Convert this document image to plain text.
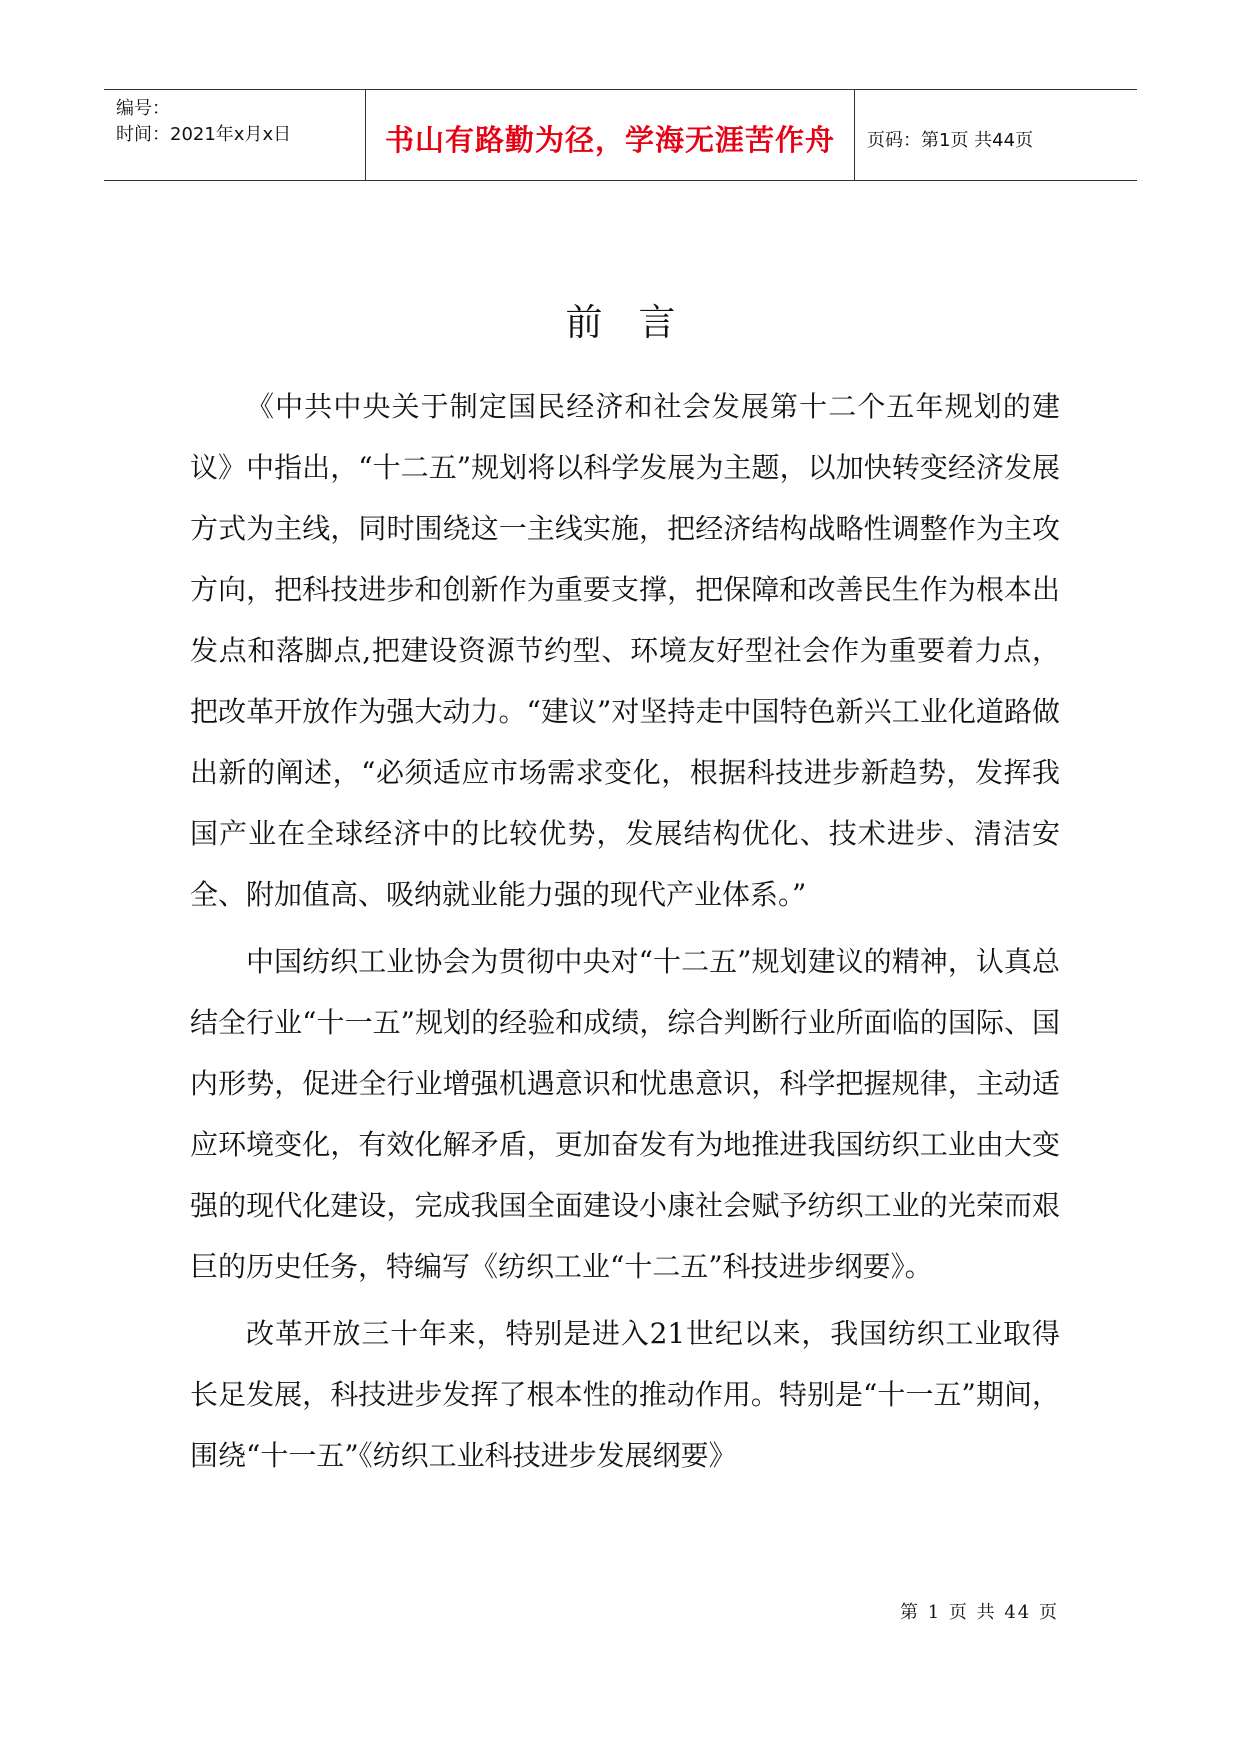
编号：
时间：2021年x月x日	书山有路勤为径，学海无涯苦作舟	页码：第1页 共44页
前言

《中共中央关于制定国民经济和社会发展第十二个五年规划的建议》中指出，“十二五”规划将以科学发展为主题，以加快转变经济发展方式为主线，同时围绕这一主线实施，把经济结构战略性调整作为主攻方向，把科技进步和创新作为重要支撑，把保障和改善民生作为根本出发点和落脚点,把建设资源节约型、环境友好型社会作为重要着力点，把改革开放作为强大动力。“建议”对坚持走中国特色新兴工业化道路做出新的阐述，“必须适应市场需求变化，根据科技进步新趋势，发挥我国产业在全球经济中的比较优势，发展结构优化、技术进步、清洁安全、附加值高、吸纳就业能力强的现代产业体系。”

中国纺织工业协会为贯彻中央对“十二五”规划建议的精神，认真总结全行业“十一五”规划的经验和成绩，综合判断行业所面临的国际、国内形势，促进全行业增强机遇意识和忧患意识，科学把握规律，主动适应环境变化，有效化解矛盾，更加奋发有为地推进我国纺织工业由大变强的现代化建设，完成我国全面建设小康社会赋予纺织工业的光荣而艰巨的历史任务，特编写《纺织工业“十二五”科技进步纲要》。

改革开放三十年来，特别是进入21世纪以来，我国纺织工业取得长足发展，科技进步发挥了根本性的推动作用。特别是“十一五”期间，围绕“十一五”《纺织工业科技进步发展纲要》

第 1 页 共 44 页
